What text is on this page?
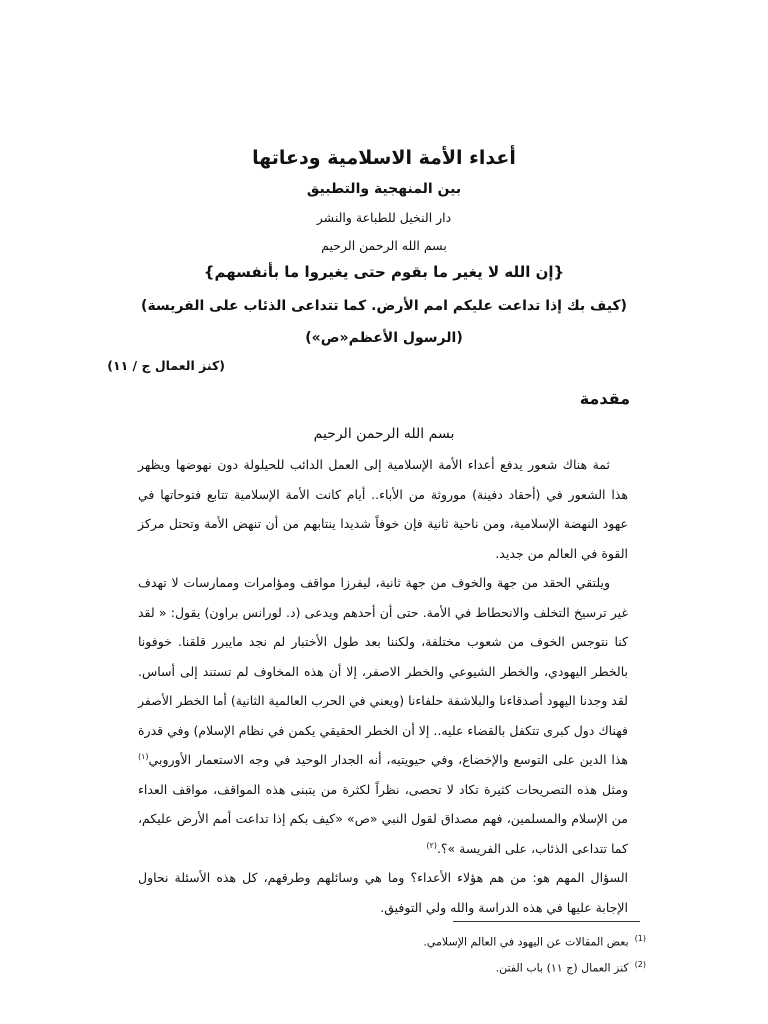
أعداء الأمة الاسلامية ودعاتها
بين المنهجية والتطبيق
دار النخيل للطباعة والنشر
بسم الله الرحمن الرحيم
{إن الله لا يغير ما بقوم حتى يغيروا ما بأنفسهم}
(كيف بك إذا تداعت عليكم امم الأرض. كما تتداعى الذئاب على الفريسة)
(الرسول الأعظم«ص»)
(كنز العمال ج / ١١)
مقدمة
بسم الله الرحمن الرحيم

ثمة هناك شعور يدفع أعداء الأمة الإسلامية إلى العمل الدائب للحيلولة دون نهوضها ويظهر هذا الشعور في (أحقاد دفينة) موروثة من الأباء.. أيام كانت الأمة الإسلامية تتابع فتوحاتها في عهود النهضة الإسلامية، ومن ناحية ثانية فإن خوفاً شديدا ينتابهم من أن تنهض الأمة وتحتل مركز القوة في العالم من جديد.

ويلتقي الحقد من جهة والخوف من جهة ثانية، ليفرزا مواقف ومؤامرات وممارسات لا تهدف غير ترسيخ التخلف والانحطاط في الأمة. حتى أن أحدهم ويدعى (د. لورانس براون) يقول: « لقد كنا نتوجس الخوف من شعوب مختلفة، ولكننا بعد طول الأختبار لم نجد مايبرر قلقنا. خوفونا بالخطر اليهودي، والخطر الشيوعي والخطر الاصفر، إلا أن هذه المخاوف لم تستند إلى أساس. لقد وجدنا اليهود أصدقاءنا والبلاشفة حلفاءنا (ويعني في الحرب العالمية الثانية) أما الخطر الأصفر فهناك دول كبرى تتكفل بالقضاء عليه.. إلا أن الخطر الحقيقي يكمن في نظام الإسلام) وفي قدرة هذا الدين على التوسع والإخضاع، وفي حيويتيه، أنه الجدار الوحيد في وجه الاستعمار الأوروبي$^{(١)}$ ومثل هذه التصريحات كثيرة تكاد لا تحصى، نظراً لكثرة من يتبنى هذه المواقف، مواقف العداء من الإسلام والمسلمين، فهم مصداق لقول النبي «ص» «كيف بكم إذا تداعت أمم الأرض عليكم، كما تتداعى الذئاب، على الفريسة »؟.$^{(٢)}$

السؤال المهم هو: من هم هؤلاء الأعداء؟ وما هي وسائلهم وطرقهم، كل هذه الأسئلة نحاول الإجابة عليها في هذه الدراسة والله ولي التوفيق.

$^{(1)}$بعض المقالات عن اليهود في العالم الإسلامي.
$^{(2)}$كنز العمال (ج ١١) باب الفتن.
